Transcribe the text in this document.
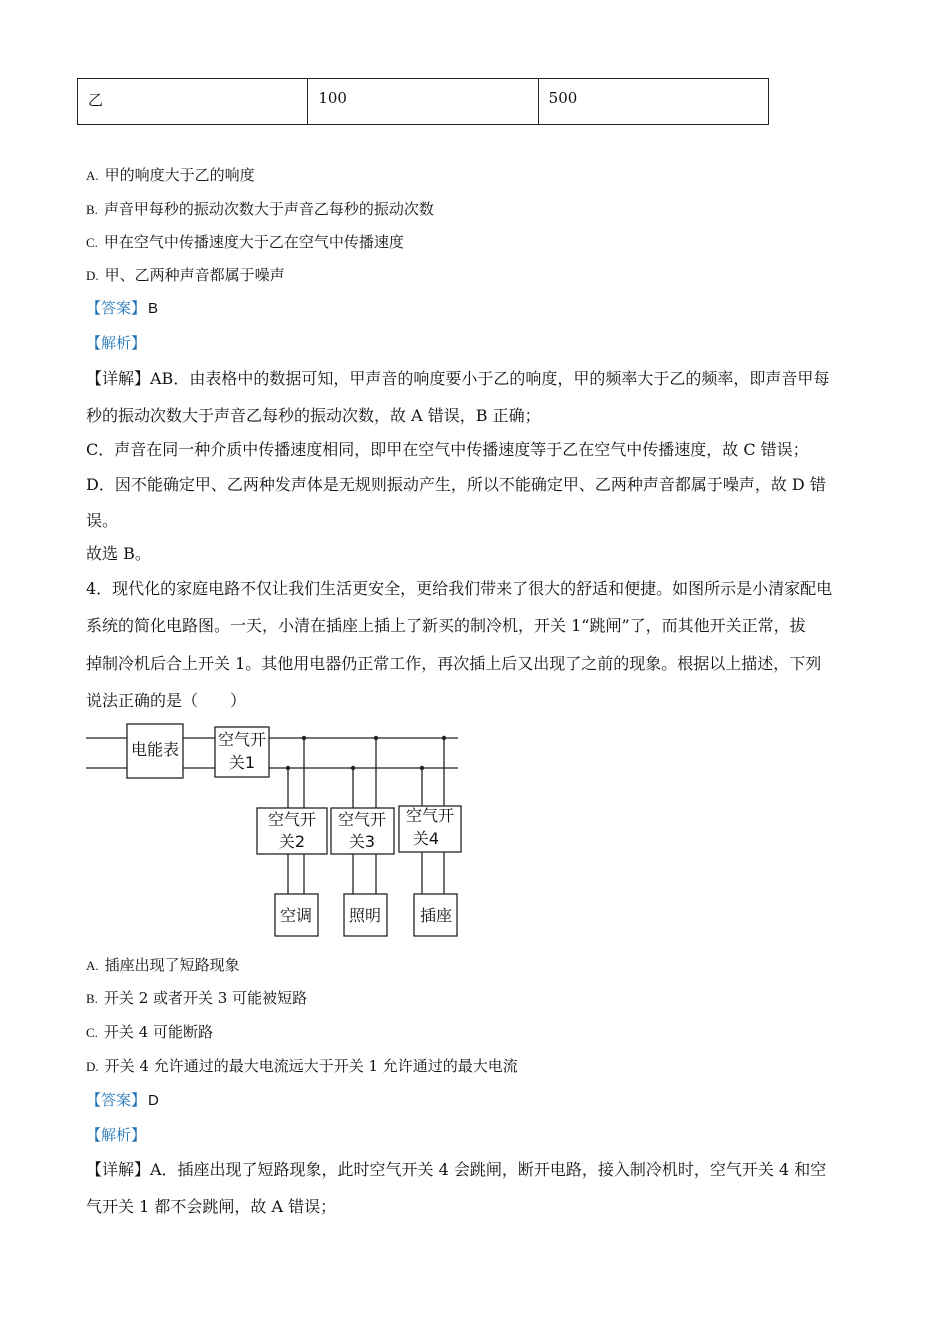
乙	100	500
A. 甲的响度大于乙的响度
B. 声音甲每秒的振动次数大于声音乙每秒的振动次数
C. 甲在空气中传播速度大于乙在空气中传播速度
D. 甲、乙两种声音都属于噪声
【答案】 B
【解析】
【详解】AB．由表格中的数据可知，甲声音的响度要小于乙的响度，甲的频率大于乙的频率，即声音甲每
秒的振动次数大于声音乙每秒的振动次数，故 A 错误，B 正确；
C．声音在同一种介质中传播速度相同，即甲在空气中传播速度等于乙在空气中传播速度，故 C 错误；
D．因不能确定甲、乙两种发声体是无规则振动产生，所以不能确定甲、乙两种声音都属于噪声，故 D 错
误。
故选 B。
4．现代化的家庭电路不仅让我们生活更安全，更给我们带来了很大的舒适和便捷。如图所示是小清家配电
系统的简化电路图。一天，小清在插座上插上了新买的制冷机，开关 1“跳闸”了，而其他开关正常，拔
掉制冷机后合上开关 1。其他用电器仍正常工作，再次插上后又出现了之前的现象。根据以上描述，下列
说法正确的是（　　）
电能表
空气开
关1
空气开
关2
空气开
关3
空气开
关4
空调 照明 插座
A. 插座出现了短路现象
B. 开关 2 或者开关 3 可能被短路
C. 开关 4 可能断路
D. 开关 4 允许通过的最大电流远大于开关 1 允许通过的最大电流
【答案】 D
【解析】
【详解】A．插座出现了短路现象，此时空气开关 4 会跳闸，断开电路，接入制冷机时，空气开关 4 和空
气开关 1 都不会跳闸，故 A 错误；
